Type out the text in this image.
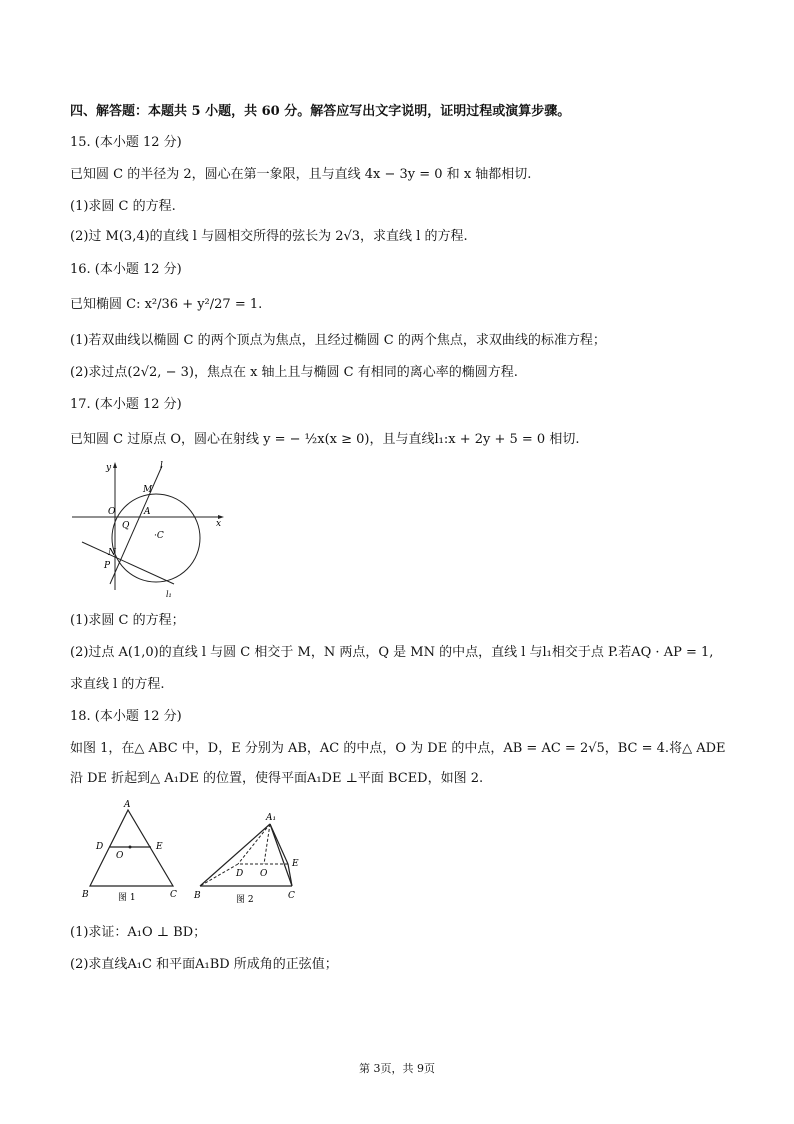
四、解答题：本题共 5 小题，共 60 分。解答应写出文字说明，证明过程或演算步骤。
15. (本小题 12 分)
已知圆 C 的半径为 2，圆心在第一象限，且与直线 4x − 3y = 0 和 x 轴都相切.
(1)求圆 C 的方程.
(2)过 M(3,4)的直线 l 与圆相交所得的弦长为 2√3，求直线 l 的方程.
16. (本小题 12 分)
已知椭圆 C: x²/36 + y²/27 = 1.
(1)若双曲线以椭圆 C 的两个顶点为焦点，且经过椭圆 C 的两个焦点，求双曲线的标准方程；
(2)求过点(2√2, − 3)，焦点在 x 轴上且与椭圆 C 有相同的离心率的椭圆方程.
17. (本小题 12 分)
已知圆 C 过原点 O，圆心在射线 y = − ½x(x ≥ 0)，且与直线l₁:x + 2y + 5 = 0 相切.
y
x
l
M
O	A
Q
·C
N
P
l₁
(1)求圆 C 的方程；
(2)过点 A(1,0)的直线 l 与圆 C 相交于 M，N 两点，Q 是 MN 的中点，直线 l 与l₁相交于点 P.若AQ · AP = 1,
求直线 l 的方程.
18. (本小题 12 分)
如图 1，在△ ABC 中，D，E 分别为 AB，AC 的中点，O 为 DE 的中点，AB = AC = 2√5，BC = 4.将△ ADE
沿 DE 折起到△ A₁DE 的位置，使得平面A₁DE ⊥平面 BCED，如图 2.
A
D	E
O
B	C
图 1
A₁
E
D O
B	C
图 2
(1)求证：A₁O ⊥ BD；
(2)求直线A₁C 和平面A₁BD 所成角的正弦值；
第 3页，共 9页
